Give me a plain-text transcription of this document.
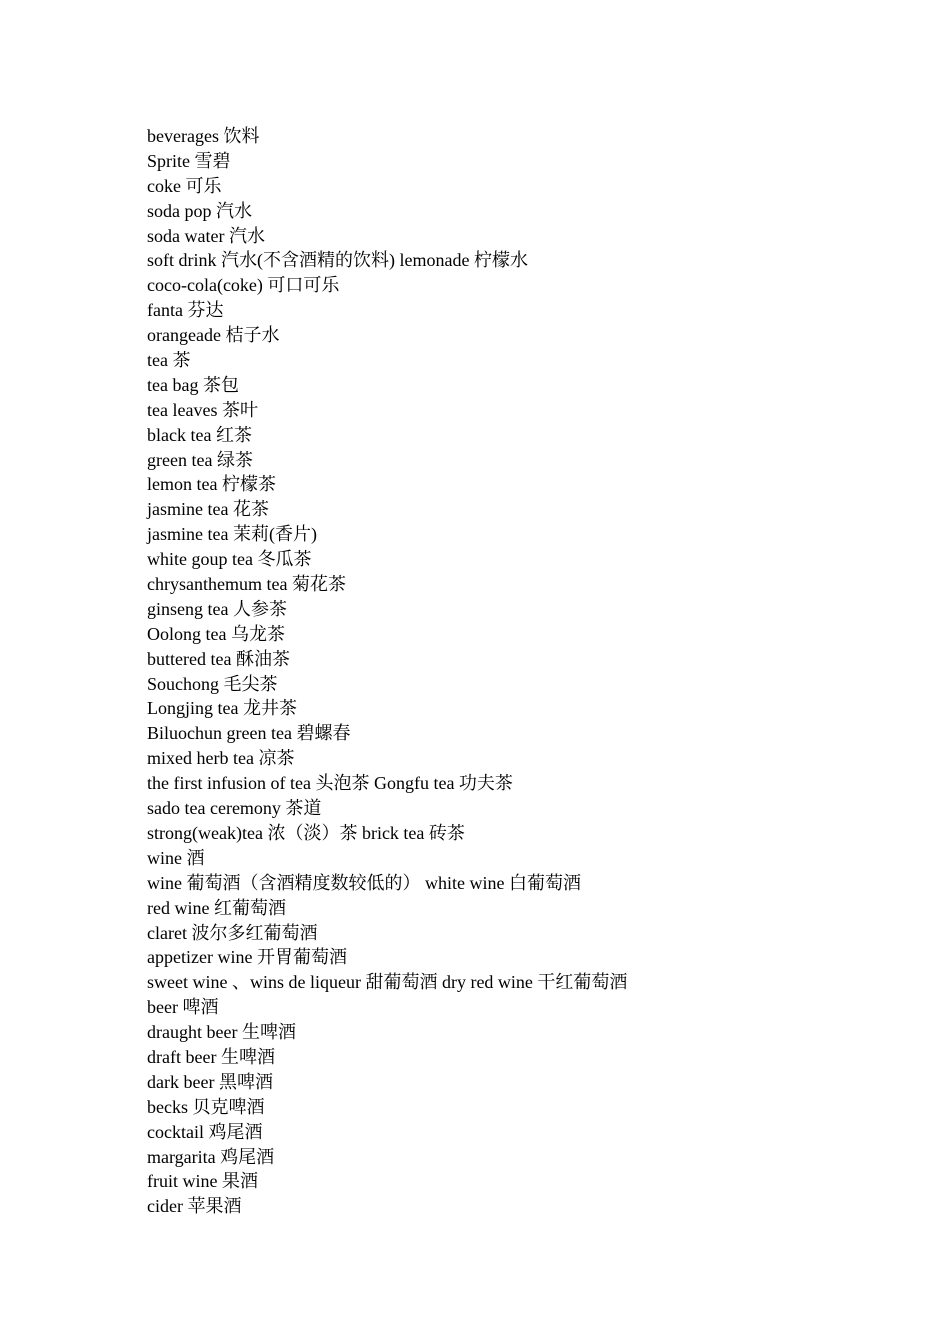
beverages 饮料
Sprite 雪碧
coke 可乐
soda pop 汽水
soda water 汽水
soft drink 汽水(不含酒精的饮料) lemonade 柠檬水
coco-cola(coke) 可口可乐
fanta 芬达
orangeade 桔子水
tea 茶
tea bag 茶包
tea leaves 茶叶
black tea 红茶
green tea 绿茶
lemon tea 柠檬茶
jasmine tea 花茶
jasmine tea 茉莉(香片)
white goup tea 冬瓜茶
chrysanthemum tea 菊花茶
ginseng tea 人参茶
Oolong tea 乌龙茶
buttered tea 酥油茶
Souchong 毛尖茶
Longjing tea 龙井茶
Biluochun green tea 碧螺春
mixed herb tea 凉茶
the first infusion of tea 头泡茶 Gongfu tea 功夫茶
sado tea ceremony 茶道
strong(weak)tea 浓（淡）茶 brick tea 砖茶
wine 酒
wine 葡萄酒（含酒精度数较低的） white wine 白葡萄酒
red wine 红葡萄酒
claret 波尔多红葡萄酒
appetizer wine 开胃葡萄酒
sweet wine 、wins de liqueur 甜葡萄酒 dry red wine 干红葡萄酒
beer 啤酒
draught beer 生啤酒
draft beer 生啤酒
dark beer 黑啤酒
becks 贝克啤酒
cocktail 鸡尾酒
margarita 鸡尾酒
fruit wine 果酒
cider 苹果酒
